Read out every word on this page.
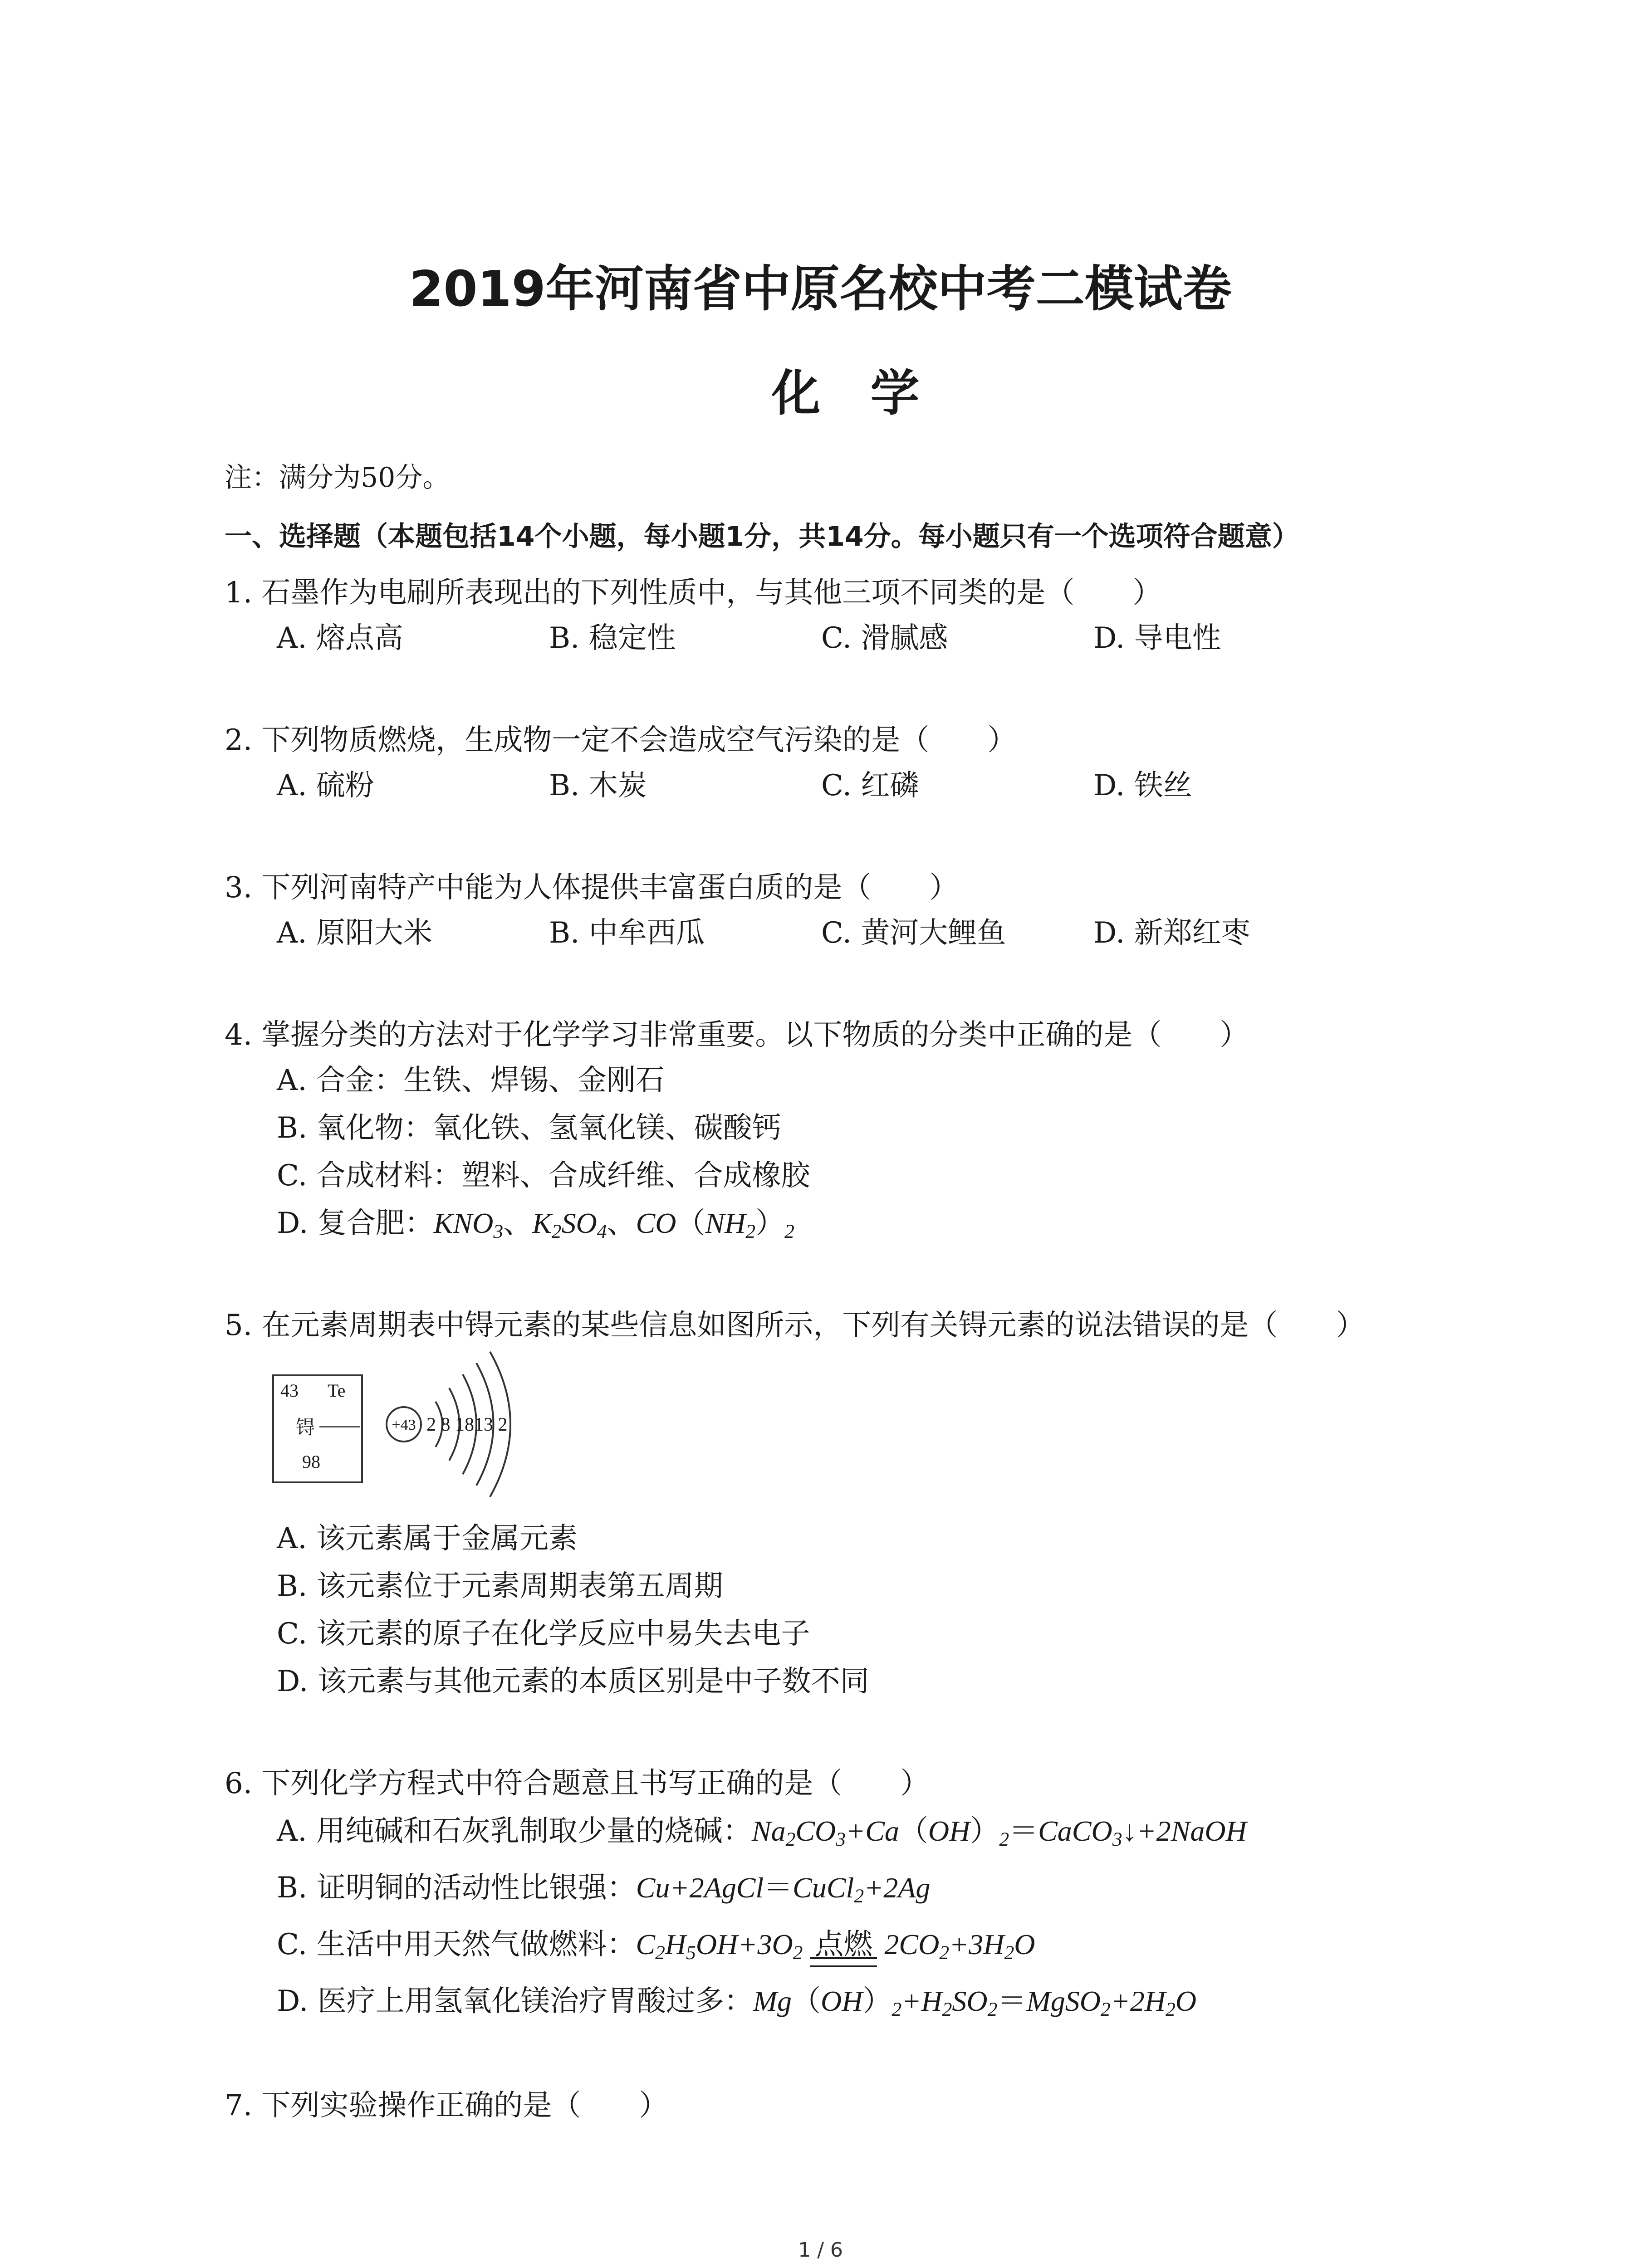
2019年河南省中原名校中考二模试卷
化学
注：满分为50分。
一、选择题（本题包括14个小题，每小题1分，共14分。每小题只有一个选项符合题意）
1. 石墨作为电刷所表现出的下列性质中，与其他三项不同类的是（　　）
A. 熔点高	B. 稳定性	C. 滑腻感	D. 导电性
2. 下列物质燃烧，生成物一定不会造成空气污染的是（　　）
A. 硫粉	B. 木炭	C. 红磷	D. 铁丝
3. 下列河南特产中能为人体提供丰富蛋白质的是（　　）
A. 原阳大米	B. 中牟西瓜	C. 黄河大鲤鱼	D. 新郑红枣
4. 掌握分类的方法对于化学学习非常重要。以下物质的分类中正确的是（　　）
A. 合金：生铁、焊锡、金刚石
B. 氧化物：氧化铁、氢氧化镁、碳酸钙
C. 合成材料：塑料、合成纤维、合成橡胶
D. 复合肥：$KNO_3$、$K_2SO_4$、$CO(NH_2)_2$
5. 在元素周期表中锝元素的某些信息如图所示，下列有关锝元素的说法错误的是（　　）
43 Te
锝
98
+43 2 8 1813 2
A. 该元素属于金属元素
B. 该元素位于元素周期表第五周期
C. 该元素的原子在化学反应中易失去电子
D. 该元素与其他元素的本质区别是中子数不同
6. 下列化学方程式中符合题意且书写正确的是（　　）
A. 用纯碱和石灰乳制取少量的烧碱：$Na_2CO_3+Ca(OH)_2=CaCO_3↓+2NaOH$
B. 证明铜的活动性比银强：Cu+2AgCl＝CuCl$_2$+2Ag
C. 生活中用天然气做燃料：$C_2H_5OH+3O_2$ 点燃 $2CO_2+3H_2O$
D. 医疗上用氢氧化镁治疗胃酸过多：$Mg(OH)_2+H_2SO_2=MgSO_2+2H_2O$
7. 下列实验操作正确的是（　　）
1 / 6
